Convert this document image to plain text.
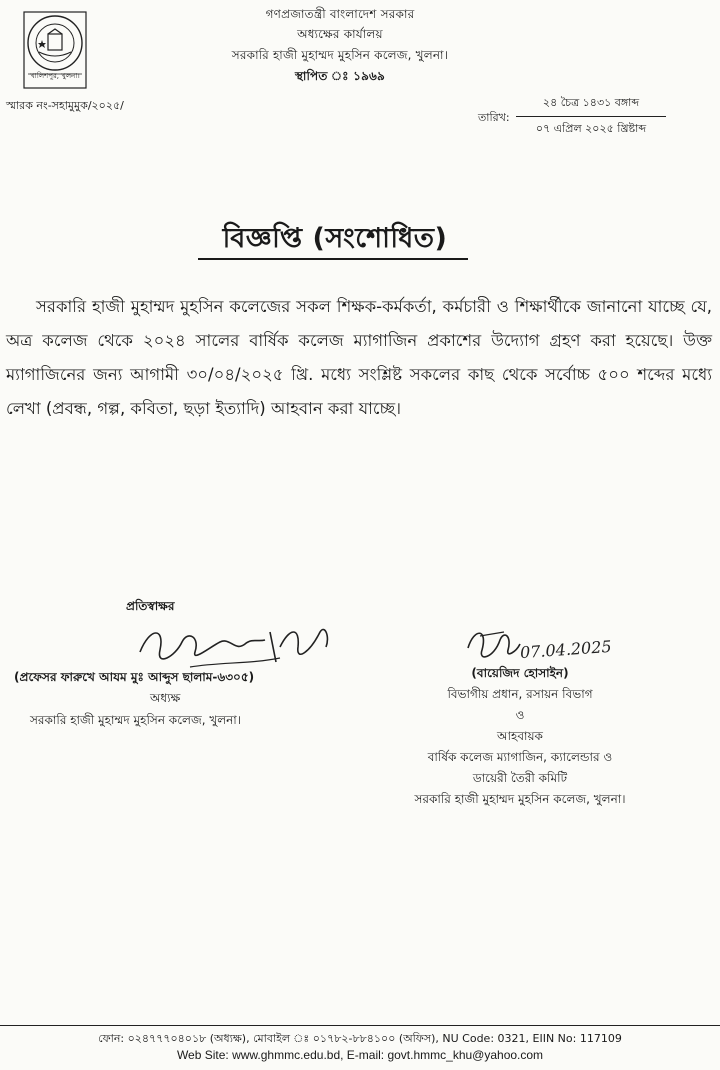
খালিশপুর, খুলনা।
গণপ্রজাতন্ত্রী বাংলাদেশ সরকার
অধ্যক্ষের কার্যালয়
সরকারি হাজী মুহাম্মদ মুহসিন কলেজ, খুলনা।
স্থাপিত ঃ ১৯৬৯
স্মারক নং-সহামুমুক/২০২৫/
তারিখ:
২৪ চৈত্র ১৪৩১ বঙ্গাব্দ
০৭ এপ্রিল ২০২৫ খ্রিষ্টাব্দ
বিজ্ঞপ্তি (সংশোধিত)
সরকারি হাজী মুহাম্মদ মুহসিন কলেজের সকল শিক্ষক-কর্মকর্তা, কর্মচারী ও শিক্ষার্থীকে জানানো যাচ্ছে যে, অত্র কলেজ থেকে ২০২৪ সালের বার্ষিক কলেজ ম্যাগাজিন প্রকাশের উদ্যোগ গ্রহণ করা হয়েছে। উক্ত ম্যাগাজিনের জন্য আগামী ৩০/০৪/২০২৫ খ্রি. মধ্যে সংশ্লিষ্ট সকলের কাছ থেকে সর্বোচ্চ ৫০০ শব্দের মধ্যে লেখা (প্রবন্ধ, গল্প, কবিতা, ছড়া ইত্যাদি) আহবান করা যাচ্ছে।
প্রতিস্বাক্ষর
(প্রফেসর ফারুখে আযম মুঃ আব্দুস ছালাম-৬৩০৫)
অধ্যক্ষ
সরকারি হাজী মুহাম্মদ মুহসিন কলেজ, খুলনা।
07.04.2025
(বায়েজিদ হোসাইন)
বিভাগীয় প্রধান, রসায়ন বিভাগ
ও
আহবায়ক
বার্ষিক কলেজ ম্যাগাজিন, ক্যালেন্ডার ও
ডায়েরী তৈরী কমিটি
সরকারি হাজী মুহাম্মদ মুহসিন কলেজ, খুলনা।
ফোন: ০২৪৭৭৭০৪০১৮ (অধ্যক্ষ), মোবাইল ঃ ০১৭৮২-৮৮৪১০০ (অফিস), NU Code: 0321, EIIN No: 117109
Web Site: www.ghmmc.edu.bd, E-mail: govt.hmmc_khu@yahoo.com
